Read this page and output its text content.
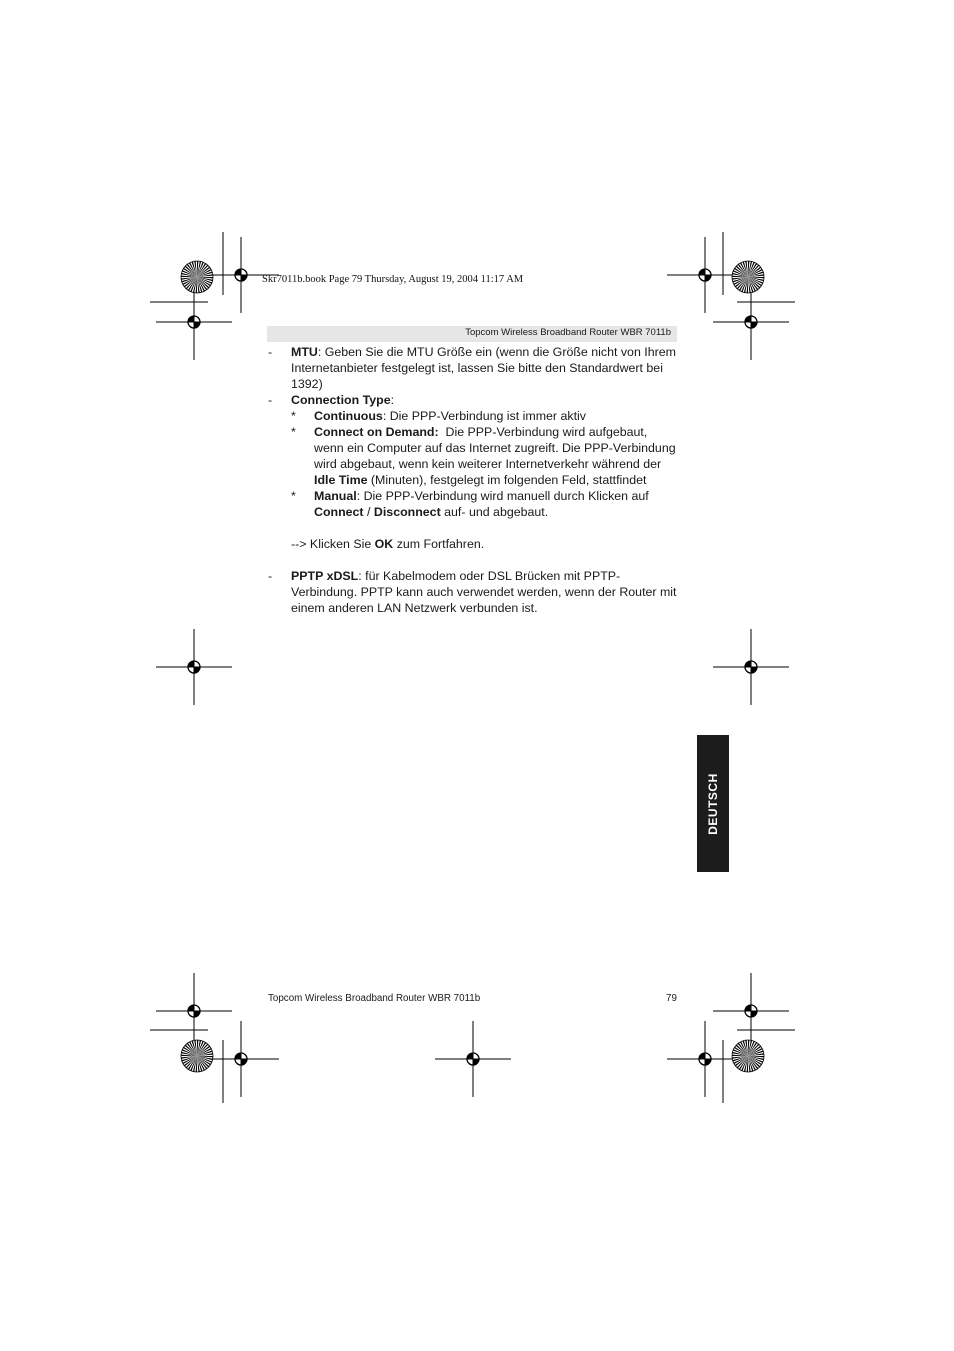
Skr7011b.book Page 79 Thursday, August 19, 2004 11:17 AM
Topcom Wireless Broadband Router WBR 7011b
- MTU: Geben Sie die MTU Größe ein (wenn die Größe nicht von Ihrem Internetanbieter festgelegt ist, lassen Sie bitte den Standardwert bei 1392)
- Connection Type:
* Continuous: Die PPP-Verbindung ist immer aktiv
* Connect on Demand:  Die PPP-Verbindung wird aufgebaut, wenn ein Computer auf das Internet zugreift. Die PPP-Verbindung wird abgebaut, wenn kein weiterer Internetverkehr während der Idle Time (Minuten), festgelegt im folgenden Feld, stattfindet
* Manual: Die PPP-Verbindung wird manuell durch Klicken auf Connect / Disconnect auf- und abgebaut.
--> Klicken Sie OK zum Fortfahren.
- PPTP xDSL: für Kabelmodem oder DSL Brücken mit PPTP-Verbindung. PPTP kann auch verwendet werden, wenn der Router mit einem anderen LAN Netzwerk verbunden ist.
DEUTSCH
Topcom Wireless Broadband Router WBR 7011b	79
